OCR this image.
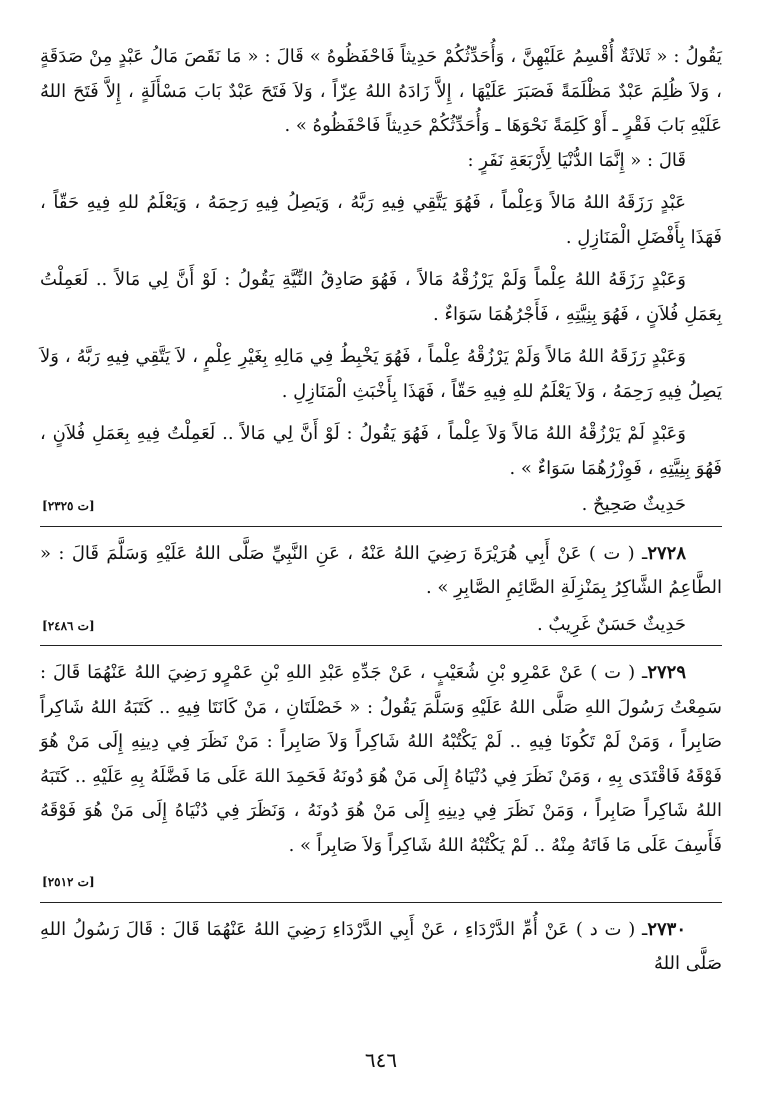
يَقُولُ : « ثَلاثَةٌ أُقْسِمُ عَلَيْهِنَّ ، وَأُحَدِّثُكُمْ حَدِيثاً فَاحْفَظُوهُ » قَالَ : « مَا نَقَصَ مَالُ عَبْدٍ مِنْ صَدَقَةٍ ، وَلاَ ظُلِمَ عَبْدٌ مَظْلَمَةً فَصَبَرَ عَلَيْهَا ، إِلاَّ زَادَهُ اللهُ عِزّاً ، وَلاَ فَتَحَ عَبْدٌ بَابَ مَسْأَلَةٍ ، إِلاَّ فَتَحَ اللهُ عَلَيْهِ بَابَ فَقْرٍ ـ أَوْ كَلِمَةً نَحْوَهَا ـ وَأُحَدِّثُكُمْ حَدِيثاً فَاحْفَظُوهُ » .

قَالَ : « إِنَّمَا الدُّنْيَا لِأَرْبَعَةِ نَفَرٍ :

عَبْدٍ رَزَقَهُ اللهُ مَالاً وَعِلْماً ، فَهُوَ يَتَّقِي فِيهِ رَبَّهُ ، وَيَصِلُ فِيهِ رَحِمَهُ ، وَيَعْلَمُ للهِ فِيهِ حَقّاً ، فَهَذَا بِأَفْضَلِ الْمَنَازِلِ .

وَعَبْدٍ رَزَقَهُ اللهُ عِلْماً وَلَمْ يَرْزُقْهُ مَالاً ، فَهُوَ صَادِقُ النِّيَّةِ يَقُولُ : لَوْ أَنَّ لِي مَالاً .. لَعَمِلْتُ بِعَمَلِ فُلاَنٍ ، فَهُوَ بِنِيَّتِهِ ، فَأَجْرُهُمَا سَوَاءٌ .

وَعَبْدٍ رَزَقَهُ اللهُ مَالاً وَلَمْ يَرْزُقْهُ عِلْماً ، فَهُوَ يَخْبِطُ فِي مَالِهِ بِغَيْرِ عِلْمٍ ، لاَ يَتَّقِي فِيهِ رَبَّهُ ، وَلاَ يَصِلُ فِيهِ رَحِمَهُ ، وَلاَ يَعْلَمُ للهِ فِيهِ حَقّاً ، فَهَذَا بِأَخْبَثِ الْمَنَازِلِ .

وَعَبْدٍ لَمْ يَرْزُقْهُ اللهُ مَالاً وَلاَ عِلْماً ، فَهُوَ يَقُولُ : لَوْ أَنَّ لِي مَالاً .. لَعَمِلْتُ فِيهِ بِعَمَلِ فُلاَنٍ ، فَهُوَ بِنِيَّتِهِ ، فَوِزْرُهُمَا سَوَاءٌ » .

حَدِيثٌ صَحِيحٌ .
[ت ٢٣٢٥]

٢٧٢٨ـ ( ت ) عَنْ أَبِي هُرَيْرَةَ رَضِيَ اللهُ عَنْهُ ، عَنِ النَّبِيِّ صَلَّى اللهُ عَلَيْهِ وَسَلَّمَ قَالَ : « الطَّاعِمُ الشَّاكِرُ بِمَنْزِلَةِ الصَّائِمِ الصَّابِرِ » .

حَدِيثٌ حَسَنٌ غَرِيبٌ .
[ت ٢٤٨٦]

٢٧٢٩ـ ( ت ) عَنْ عَمْرِو بْنِ شُعَيْبٍ ، عَنْ جَدِّهِ عَبْدِ اللهِ بْنِ عَمْرٍو رَضِيَ اللهُ عَنْهُمَا قَالَ : سَمِعْتُ رَسُولَ اللهِ صَلَّى اللهُ عَلَيْهِ وَسَلَّمَ يَقُولُ : « خَصْلَتَانِ ، مَنْ كَانَتَا فِيهِ .. كَتَبَهُ اللهُ شَاكِراً صَابِراً ، وَمَنْ لَمْ تَكُونَا فِيهِ .. لَمْ يَكْتُبْهُ اللهُ شَاكِراً وَلاَ صَابِراً : مَنْ نَظَرَ فِي دِينِهِ إِلَى مَنْ هُوَ فَوْقَهُ فَاقْتَدَى بِهِ ، وَمَنْ نَظَرَ فِي دُنْيَاهُ إِلَى مَنْ هُوَ دُونَهُ فَحَمِدَ اللهَ عَلَى مَا فَضَّلَهُ بِهِ عَلَيْهِ .. كَتَبَهُ اللهُ شَاكِراً صَابِراً ، وَمَنْ نَظَرَ فِي دِينِهِ إِلَى مَنْ هُوَ دُونَهُ ، وَنَظَرَ فِي دُنْيَاهُ إِلَى مَنْ هُوَ فَوْقَهُ فَأَسِفَ عَلَى مَا فَاتَهُ مِنْهُ .. لَمْ يَكْتُبْهُ اللهُ شَاكِراً وَلاَ صَابِراً » .

[ت ٢٥١٢]

٢٧٣٠ـ ( ت د ) عَنْ أُمِّ الدَّرْدَاءِ ، عَنْ أَبِي الدَّرْدَاءِ رَضِيَ اللهُ عَنْهُمَا قَالَ : قَالَ رَسُولُ اللهِ صَلَّى اللهُ

٦٤٦
